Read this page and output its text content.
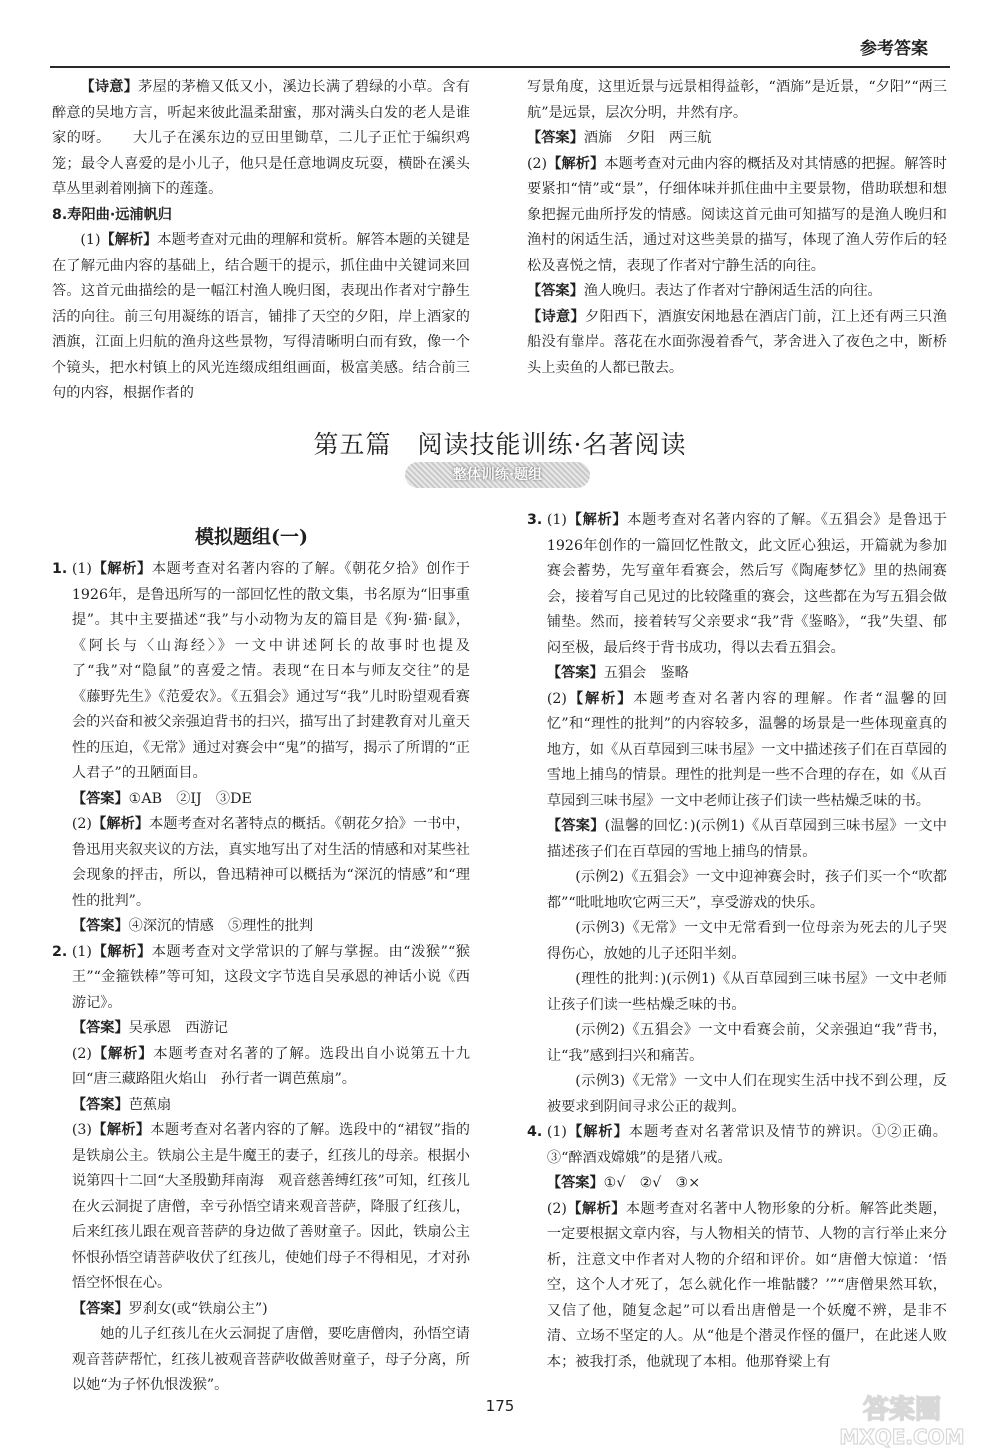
参考答案

【诗意】茅屋的茅檐又低又小，溪边长满了碧绿的小草。含有醉意的吴地方言，听起来彼此温柔甜蜜，那对满头白发的老人是谁家的呀。　　大儿子在溪东边的豆田里锄草，二儿子正忙于编织鸡笼；最令人喜爱的是小儿子，他只是任意地调皮玩耍，横卧在溪头草丛里剥着刚摘下的莲蓬。

8.寿阳曲·远浦帆归

(1)【解析】本题考查对元曲的理解和赏析。解答本题的关键是在了解元曲内容的基础上，结合题干的提示，抓住曲中关键词来回答。这首元曲描绘的是一幅江村渔人晚归图，表现出作者对宁静生活的向往。前三句用凝练的语言，铺排了天空的夕阳，岸上酒家的酒旗，江面上归航的渔舟这些景物，写得清晰明白而有致，像一个个镜头，把水村镇上的风光连缀成组组画面，极富美感。结合前三句的内容，根据作者的

写景角度，这里近景与远景相得益彰，“酒旆”是近景，“夕阳”“两三航”是远景，层次分明，井然有序。

【答案】酒旆　夕阳　两三航

(2)【解析】本题考查对元曲内容的概括及对其情感的把握。解答时要紧扣“情”或“景”，仔细体味并抓住曲中主要景物，借助联想和想象把握元曲所抒发的情感。阅读这首元曲可知描写的是渔人晚归和渔村的闲适生活，通过对这些美景的描写，体现了渔人劳作后的轻松及喜悦之情，表现了作者对宁静生活的向往。

【答案】渔人晚归。表达了作者对宁静闲适生活的向往。

【诗意】夕阳西下，酒旗安闲地悬在酒店门前，江上还有两三只渔船没有靠岸。落花在水面弥漫着香气，茅舍进入了夜色之中，断桥头上卖鱼的人都已散去。

第五篇　阅读技能训练·名著阅读
整体训练·题组
模拟题组(一)

1. (1)【解析】本题考查对名著内容的了解。《朝花夕拾》创作于1926年，是鲁迅所写的一部回忆性的散文集，书名原为“旧事重提”。其中主要描述“我”与小动物为友的篇目是《狗·猫·鼠》，《阿长与〈山海经〉》一文中讲述阿长的故事时也提及了“我”对“隐鼠”的喜爱之情。表现“在日本与师友交往”的是《藤野先生》《范爱农》。《五猖会》通过写“我”儿时盼望观看赛会的兴奋和被父亲强迫背书的扫兴，描写出了封建教育对儿童天性的压迫，《无常》通过对赛会中“鬼”的描写，揭示了所谓的“正人君子”的丑陋面目。

【答案】①AB　②IJ　③DE

(2)【解析】本题考查对名著特点的概括。《朝花夕拾》一书中，鲁迅用夹叙夹议的方法，真实地写出了对生活的情感和对某些社会现象的抨击，所以，鲁迅精神可以概括为“深沉的情感”和“理性的批判”。

【答案】④深沉的情感　⑤理性的批判

2. (1)【解析】本题考查对文学常识的了解与掌握。由“泼猴”“猴王”“金箍铁棒”等可知，这段文字节选自吴承恩的神话小说《西游记》。

【答案】吴承恩　西游记

(2)【解析】本题考查对名著的了解。选段出自小说第五十九回“唐三藏路阻火焰山　孙行者一调芭蕉扇”。

【答案】芭蕉扇

(3)【解析】本题考查对名著内容的了解。选段中的“裙钗”指的是铁扇公主。铁扇公主是牛魔王的妻子，红孩儿的母亲。根据小说第四十二回“大圣殷勤拜南海　观音慈善缚红孩”可知，红孩儿在火云洞捉了唐僧，幸亏孙悟空请来观音菩萨，降服了红孩儿，后来红孩儿跟在观音菩萨的身边做了善财童子。因此，铁扇公主怀恨孙悟空请菩萨收伏了红孩儿，使她们母子不得相见，才对孙悟空怀恨在心。

【答案】罗刹女(或“铁扇公主”)

她的儿子红孩儿在火云洞捉了唐僧，要吃唐僧肉，孙悟空请观音菩萨帮忙，红孩儿被观音菩萨收做善财童子，母子分离，所以她“为子怀仇恨泼猴”。

3. (1)【解析】本题考查对名著内容的了解。《五猖会》是鲁迅于1926年创作的一篇回忆性散文，此文匠心独运，开篇就为参加赛会蓄势，先写童年看赛会，然后写《陶庵梦忆》里的热闹赛会，接着写自己见过的比较隆重的赛会，这些都在为写五猖会做铺垫。然而，接着转写父亲要求“我”背《鉴略》，“我”失望、郁闷至极，最后终于背书成功，得以去看五猖会。

【答案】五猖会　鉴略

(2)【解析】本题考查对名著内容的理解。作者“温馨的回忆”和“理性的批判”的内容较多，温馨的场景是一些体现童真的地方，如《从百草园到三味书屋》一文中描述孩子们在百草园的雪地上捕鸟的情景。理性的批判是一些不合理的存在，如《从百草园到三味书屋》一文中老师让孩子们读一些枯燥乏味的书。

【答案】(温馨的回忆：)(示例1)《从百草园到三味书屋》一文中描述孩子们在百草园的雪地上捕鸟的情景。

(示例2)《五猖会》一文中迎神赛会时，孩子们买一个“吹都都”“吡吡地吹它两三天”，享受游戏的快乐。

(示例3)《无常》一文中无常看到一位母亲为死去的儿子哭得伤心，放她的儿子还阳半刻。

(理性的批判：)(示例1)《从百草园到三味书屋》一文中老师让孩子们读一些枯燥乏味的书。

(示例2)《五猖会》一文中看赛会前，父亲强迫“我”背书，让“我”感到扫兴和痛苦。

(示例3)《无常》一文中人们在现实生活中找不到公理，反被要求到阴间寻求公正的裁判。

4. (1)【解析】本题考查对名著常识及情节的辨识。①②正确。③“醉酒戏嫦娥”的是猪八戒。

【答案】①√　②√　③×

(2)【解析】本题考查对名著中人物形象的分析。解答此类题，一定要根据文章内容，与人物相关的情节、人物的言行举止来分析，注意文中作者对人物的介绍和评价。如“唐僧大惊道：‘悟空，这个人才死了，怎么就化作一堆骷髅？’”“唐僧果然耳软，又信了他，随复念起”可以看出唐僧是一个妖魔不辨，是非不清、立场不坚定的人。从“他是个潜灵作怪的僵尸，在此迷人败本；被我打杀，他就现了本相。他那脊梁上有

175	答案圈
MXQE.COM
